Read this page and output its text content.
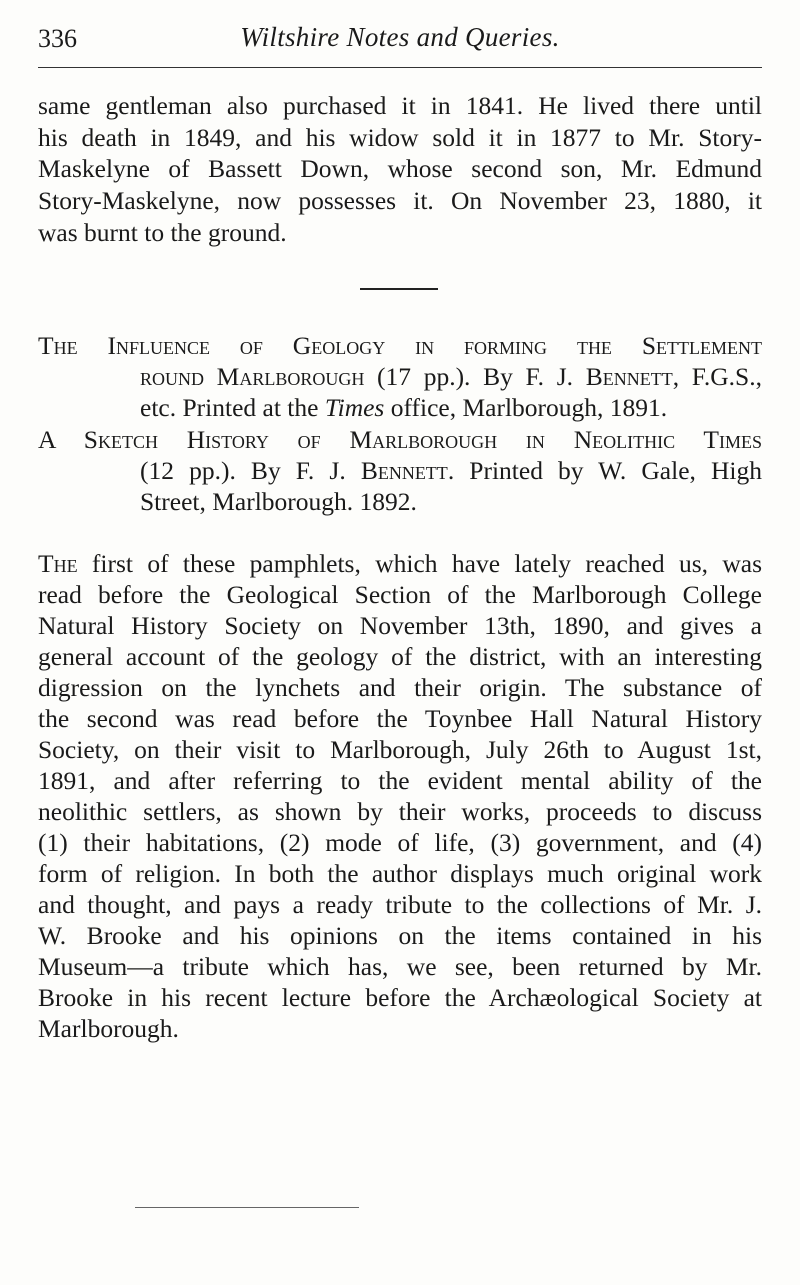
336	Wiltshire Notes and Queries.
same gentleman also purchased it in 1841. He lived there until
his death in 1849, and his widow sold it in 1877 to Mr. Story-
Maskelyne of Bassett Down, whose second son, Mr. Edmund
Story-Maskelyne, now possesses it. On November 23, 1880, it
was burnt to the ground.
The Influence of Geology in forming the Settlement
round Marlborough (17 pp.). By F. J. Bennett, F.G.S.,
etc. Printed at the Times office, Marlborough, 1891.
A Sketch History of Marlborough in Neolithic Times
(12 pp.). By F. J. Bennett. Printed by W. Gale, High
Street, Marlborough. 1892.
The first of these pamphlets, which have lately reached us, was
read before the Geological Section of the Marlborough College
Natural History Society on November 13th, 1890, and gives a
general account of the geology of the district, with an interesting
digression on the lynchets and their origin. The substance of
the second was read before the Toynbee Hall Natural History
Society, on their visit to Marlborough, July 26th to August 1st,
1891, and after referring to the evident mental ability of the
neolithic settlers, as shown by their works, proceeds to discuss
(1) their habitations, (2) mode of life, (3) government, and (4)
form of religion. In both the author displays much original work
and thought, and pays a ready tribute to the collections of Mr. J.
W. Brooke and his opinions on the items contained in his
Museum—a tribute which has, we see, been returned by Mr.
Brooke in his recent lecture before the Archæological Society at
Marlborough.
